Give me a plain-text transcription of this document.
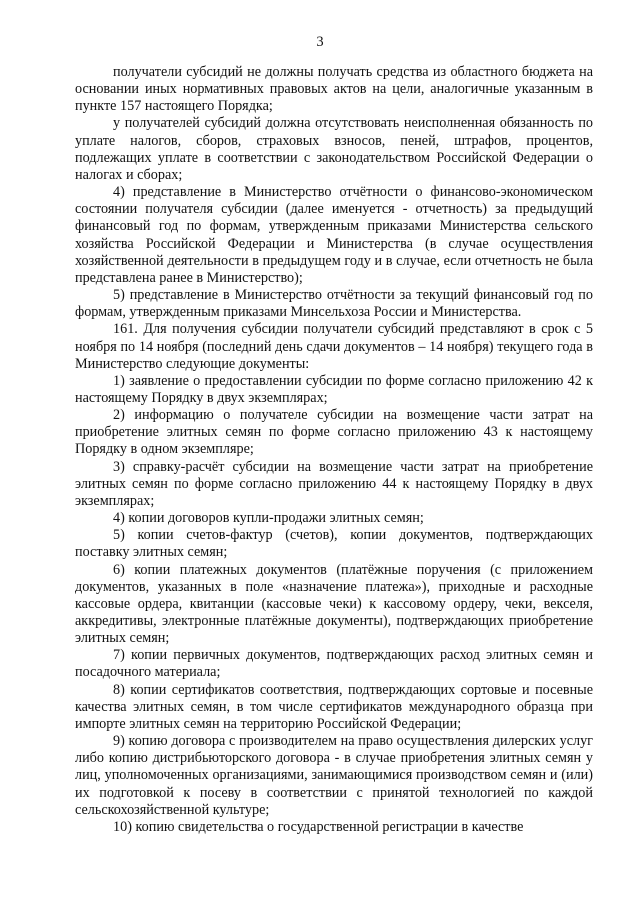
3

получатели субсидий не должны получать средства из областного бюджета на основании иных нормативных правовых актов на цели, аналогичные указанным в пункте 157 настоящего Порядка;

у получателей субсидий должна отсутствовать неисполненная обязанность по уплате налогов, сборов, страховых взносов, пеней, штрафов, процентов, подлежащих уплате в соответствии с законодательством Российской Федерации о налогах и сборах;

4) представление в Министерство отчётности о финансово-экономическом состоянии получателя субсидии (далее именуется - отчетность) за предыдущий финансовый год по формам, утвержденным приказами Министерства сельского хозяйства Российской Федерации и Министерства (в случае осуществления хозяйственной деятельности в предыдущем году и в случае, если отчетность не была представлена ранее в Министерство);

5) представление в Министерство отчётности за текущий финансовый год по формам, утвержденным приказами Минсельхоза России и Министерства.

161. Для получения субсидии получатели субсидий представляют в срок с 5 ноября по 14 ноября (последний день сдачи документов – 14 ноября) текущего года в Министерство следующие документы:

1) заявление о предоставлении субсидии по форме согласно приложению 42 к настоящему Порядку в двух экземплярах;

2) информацию о получателе субсидии на возмещение части затрат на приобретение элитных семян по форме согласно приложению 43 к настоящему Порядку в одном экземпляре;

3) справку-расчёт субсидии на возмещение части затрат на приобретение элитных семян по форме согласно приложению 44 к настоящему Порядку в двух экземплярах;

4) копии договоров купли-продажи элитных семян;

5) копии счетов-фактур (счетов), копии документов, подтверждающих поставку элитных семян;

6) копии платежных документов (платёжные поручения (с приложением документов, указанных в поле «назначение платежа»), приходные и расходные кассовые ордера, квитанции (кассовые чеки) к кассовому ордеру, чеки, векселя, аккредитивы, электронные платёжные документы), подтверждающих приобретение элитных семян;

7) копии первичных документов, подтверждающих расход элитных семян и посадочного материала;

8) копии сертификатов соответствия, подтверждающих сортовые и посевные качества элитных семян, в том числе сертификатов международного образца при импорте элитных семян на территорию Российской Федерации;

9) копию договора с производителем на право осуществления дилерских услуг либо копию дистрибьюторского договора - в случае приобретения элитных семян у лиц, уполномоченных организациями, занимающимися производством семян и (или) их подготовкой к посеву в соответствии с принятой технологией по каждой сельскохозяйственной культуре;

10) копию свидетельства о государственной регистрации в качестве
